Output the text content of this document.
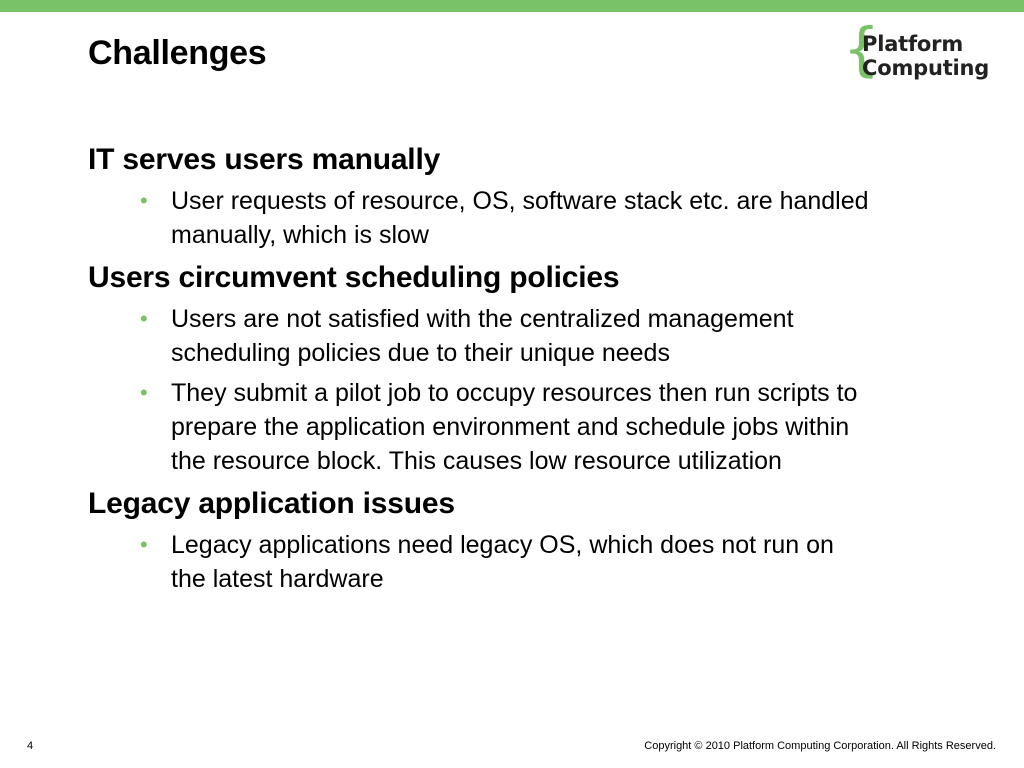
Challenges	{
Platform
Computing
IT serves users manually
• User requests of resource, OS, software stack etc. are handled manually, which is slow
Users circumvent scheduling policies
• Users are not satisfied with the centralized management scheduling policies due to their unique needs
• They submit a pilot job to occupy resources then run scripts to prepare the application environment and schedule jobs within the resource block. This causes low resource utilization
Legacy application issues
• Legacy applications need legacy OS, which does not run on the latest hardware
4	Copyright © 2010 Platform Computing Corporation. All Rights Reserved.
